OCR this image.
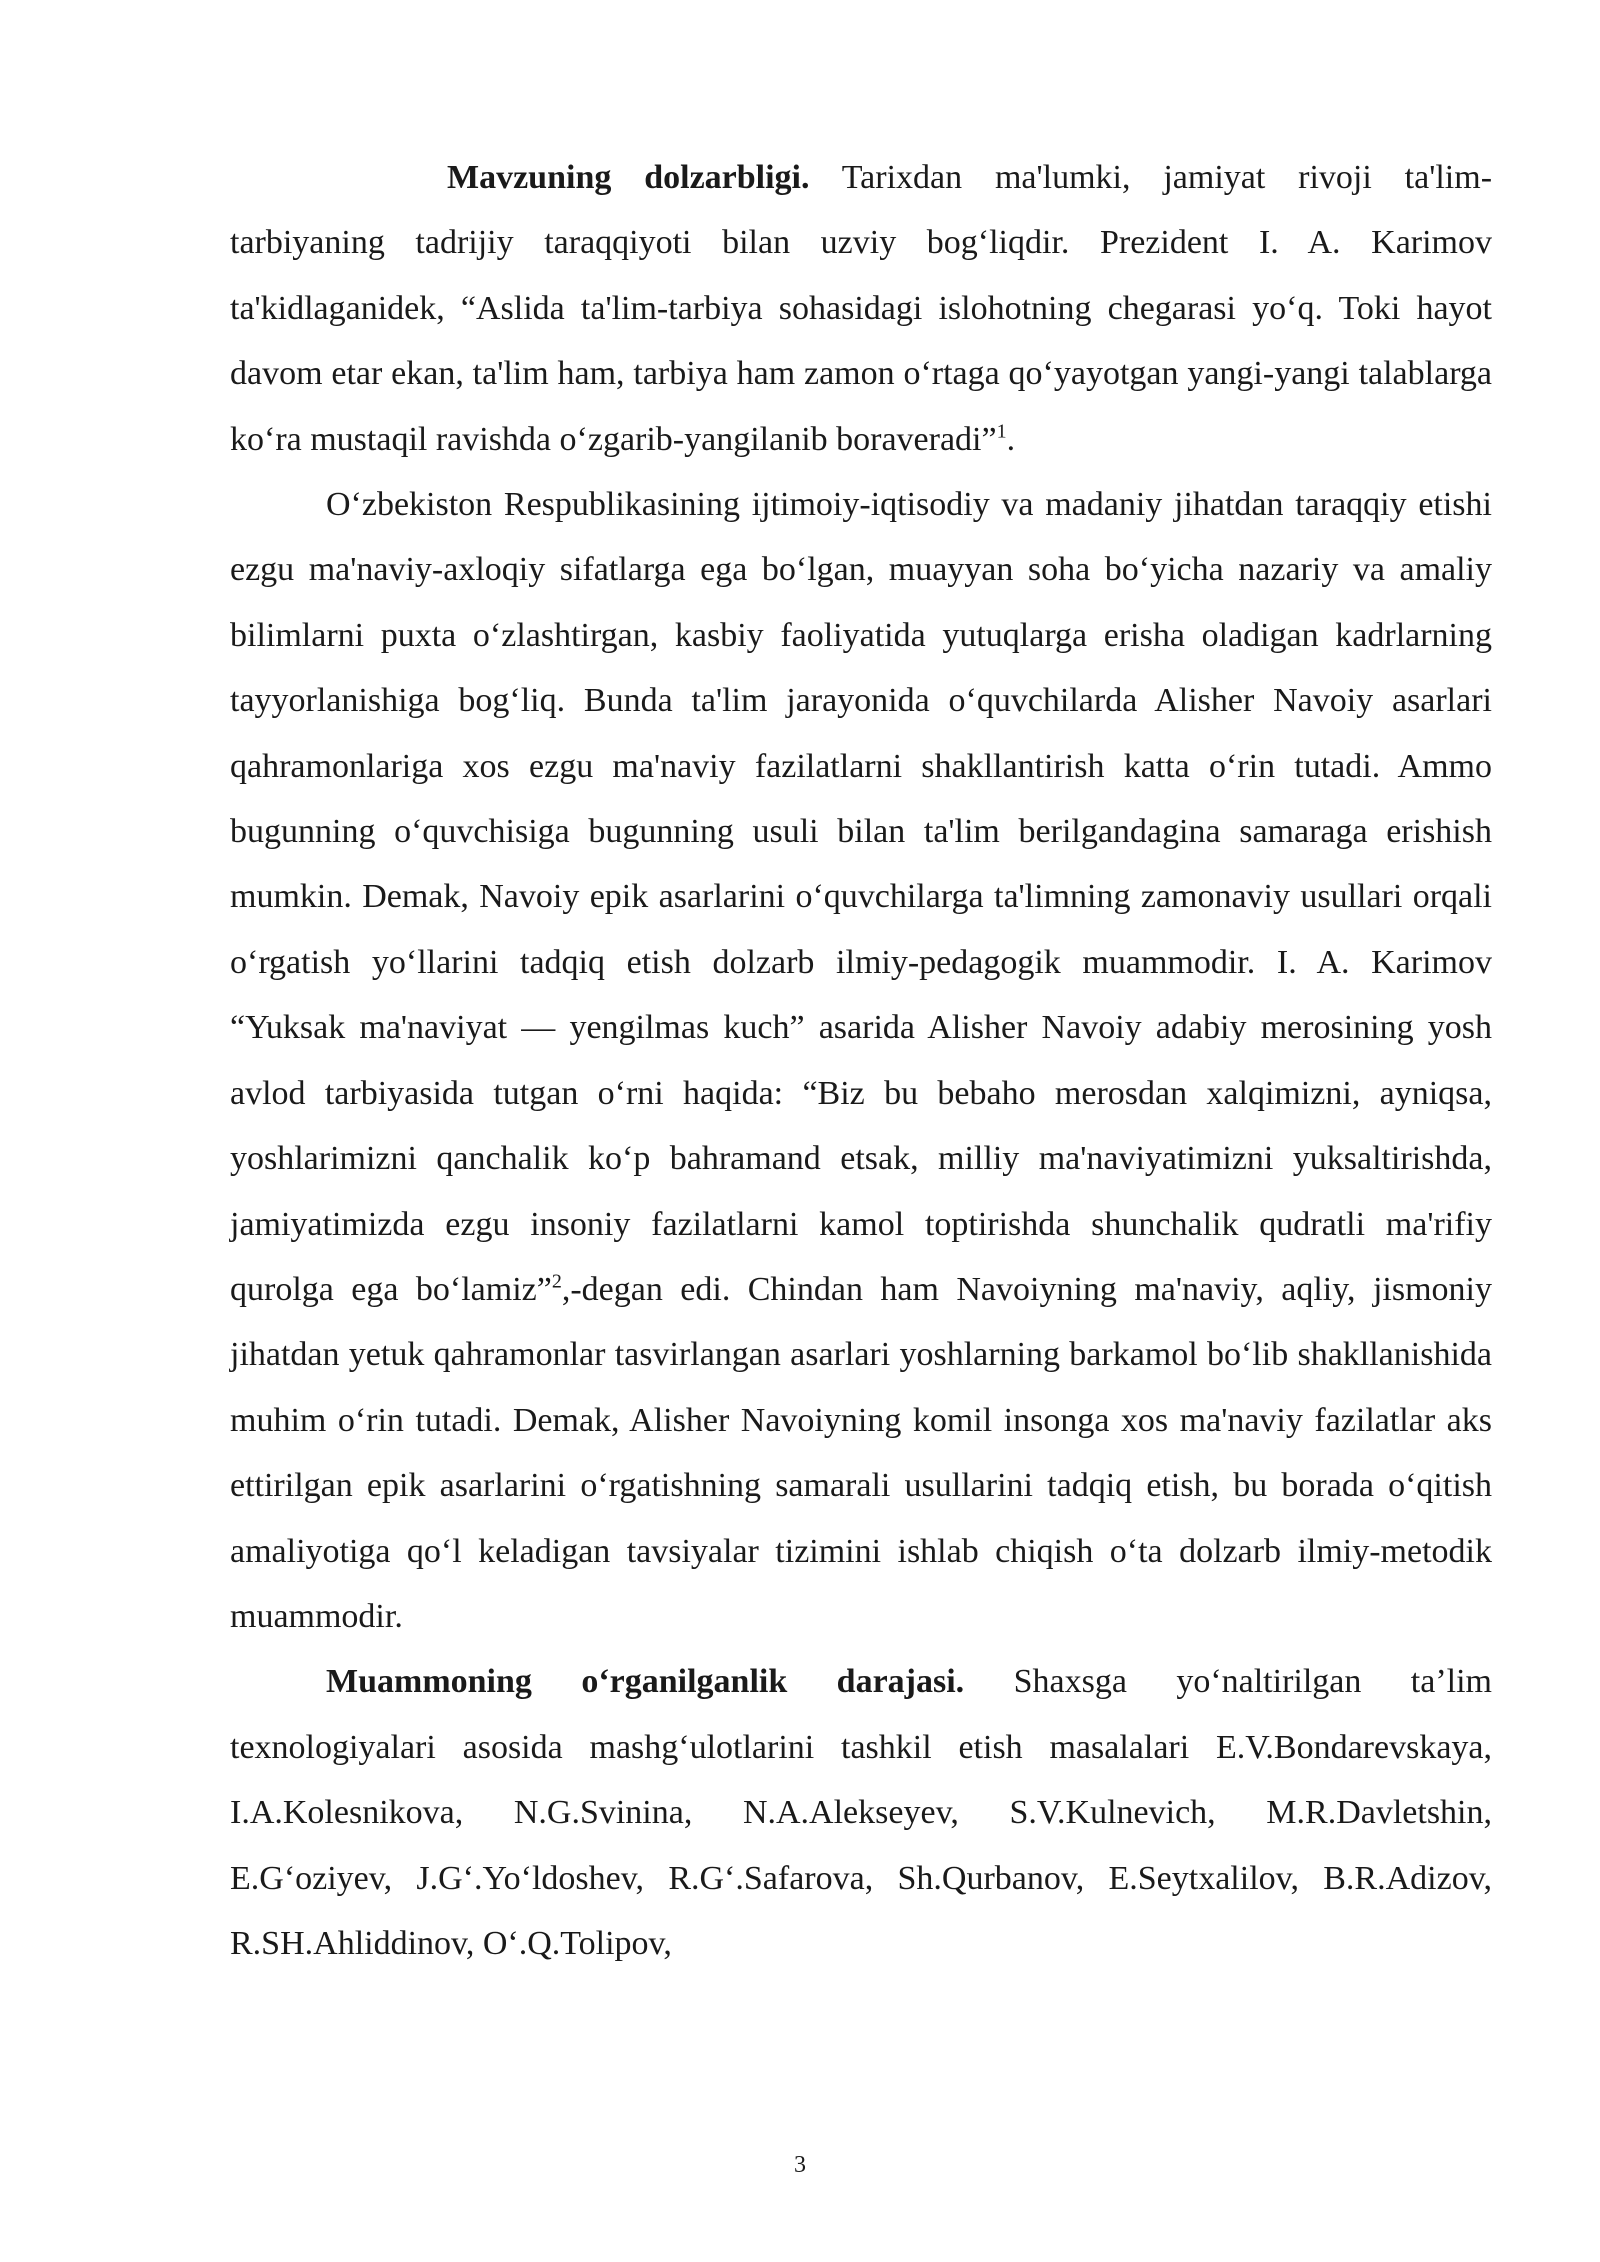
Mavzuning dolzarbligi. Tarixdan ma'lumki, jamiyat rivoji ta'lim-tarbiyaning tadrijiy taraqqiyoti bilan uzviy bogʻliqdir. Prezident I. A. Karimov ta'kidlaganidek, “Aslida ta'lim-tarbiya sohasidagi islohotning chegarasi yoʻq. Toki hayot davom etar ekan, ta'lim ham, tarbiya ham zamon oʻrtaga qoʻyayotgan yangi-yangi talablarga koʻra mustaqil ravishda oʻzgarib-yangilanib boraveradi”$^1$.

Oʻzbekiston Respublikasining ijtimoiy-iqtisodiy va madaniy jihatdan taraqqiy etishi ezgu ma'naviy-axloqiy sifatlarga ega boʻlgan, muayyan soha boʻyicha nazariy va amaliy bilimlarni puxta oʻzlashtirgan, kasbiy faoliyatida yutuqlarga erisha oladigan kadrlarning tayyorlanishiga bogʻliq. Bunda ta'lim jarayonida oʻquvchilarda Alisher Navoiy asarlari qahramonlariga xos ezgu ma'naviy fazilatlarni shakllantirish katta oʻrin tutadi. Ammo bugunning oʻquvchisiga bugunning usuli bilan ta'lim berilgandagina samaraga erishish mumkin. Demak, Navoiy epik asarlarini oʻquvchilarga ta'limning zamonaviy usullari orqali oʻrgatish yoʻllarini tadqiq etish dolzarb ilmiy-pedagogik muammodir. I. A. Karimov “Yuksak ma'naviyat — yengilmas kuch” asarida Alisher Navoiy adabiy merosining yosh avlod tarbiyasida tutgan oʻrni haqida: “Biz bu bebaho merosdan xalqimizni, ayniqsa, yoshlarimizni qanchalik koʻp bahramand etsak, milliy ma'naviyatimizni yuksaltirishda, jamiyatimizda ezgu insoniy fazilatlarni kamol toptirishda shunchalik qudratli ma'rifiy qurolga ega boʻlamiz”$^2$,-degan edi. Chindan ham Navoiyning ma'naviy, aqliy, jismoniy jihatdan yetuk qahramonlar tasvirlangan asarlari yoshlarning barkamol boʻlib shakllanishida muhim oʻrin tutadi. Demak, Alisher Navoiyning komil insonga xos ma'naviy fazilatlar aks ettirilgan epik asarlarini oʻrgatishning samarali usullarini tadqiq etish, bu borada oʻqitish amaliyotiga qoʻl keladigan tavsiyalar tizimini ishlab chiqish oʻta dolzarb ilmiy-metodik muammodir.

Muammoning oʻrganilganlik darajasi. Shaxsga yoʻnaltirilgan ta’lim texnologiyalari asosida mashgʻulotlarini tashkil etish masalalari E.V.Bondarevskaya, I.A.Kolesnikova, N.G.Svinina, N.A.Alekseyev, S.V.Kulnevich, M.R.Davletshin, E.Gʻoziyev, J.Gʻ.Yoʻldoshev, R.Gʻ.Safarova, Sh.Qurbanov, E.Seytxalilov, B.R.Adizov, R.SH.Ahliddinov, Oʻ.Q.Tolipov,

3
